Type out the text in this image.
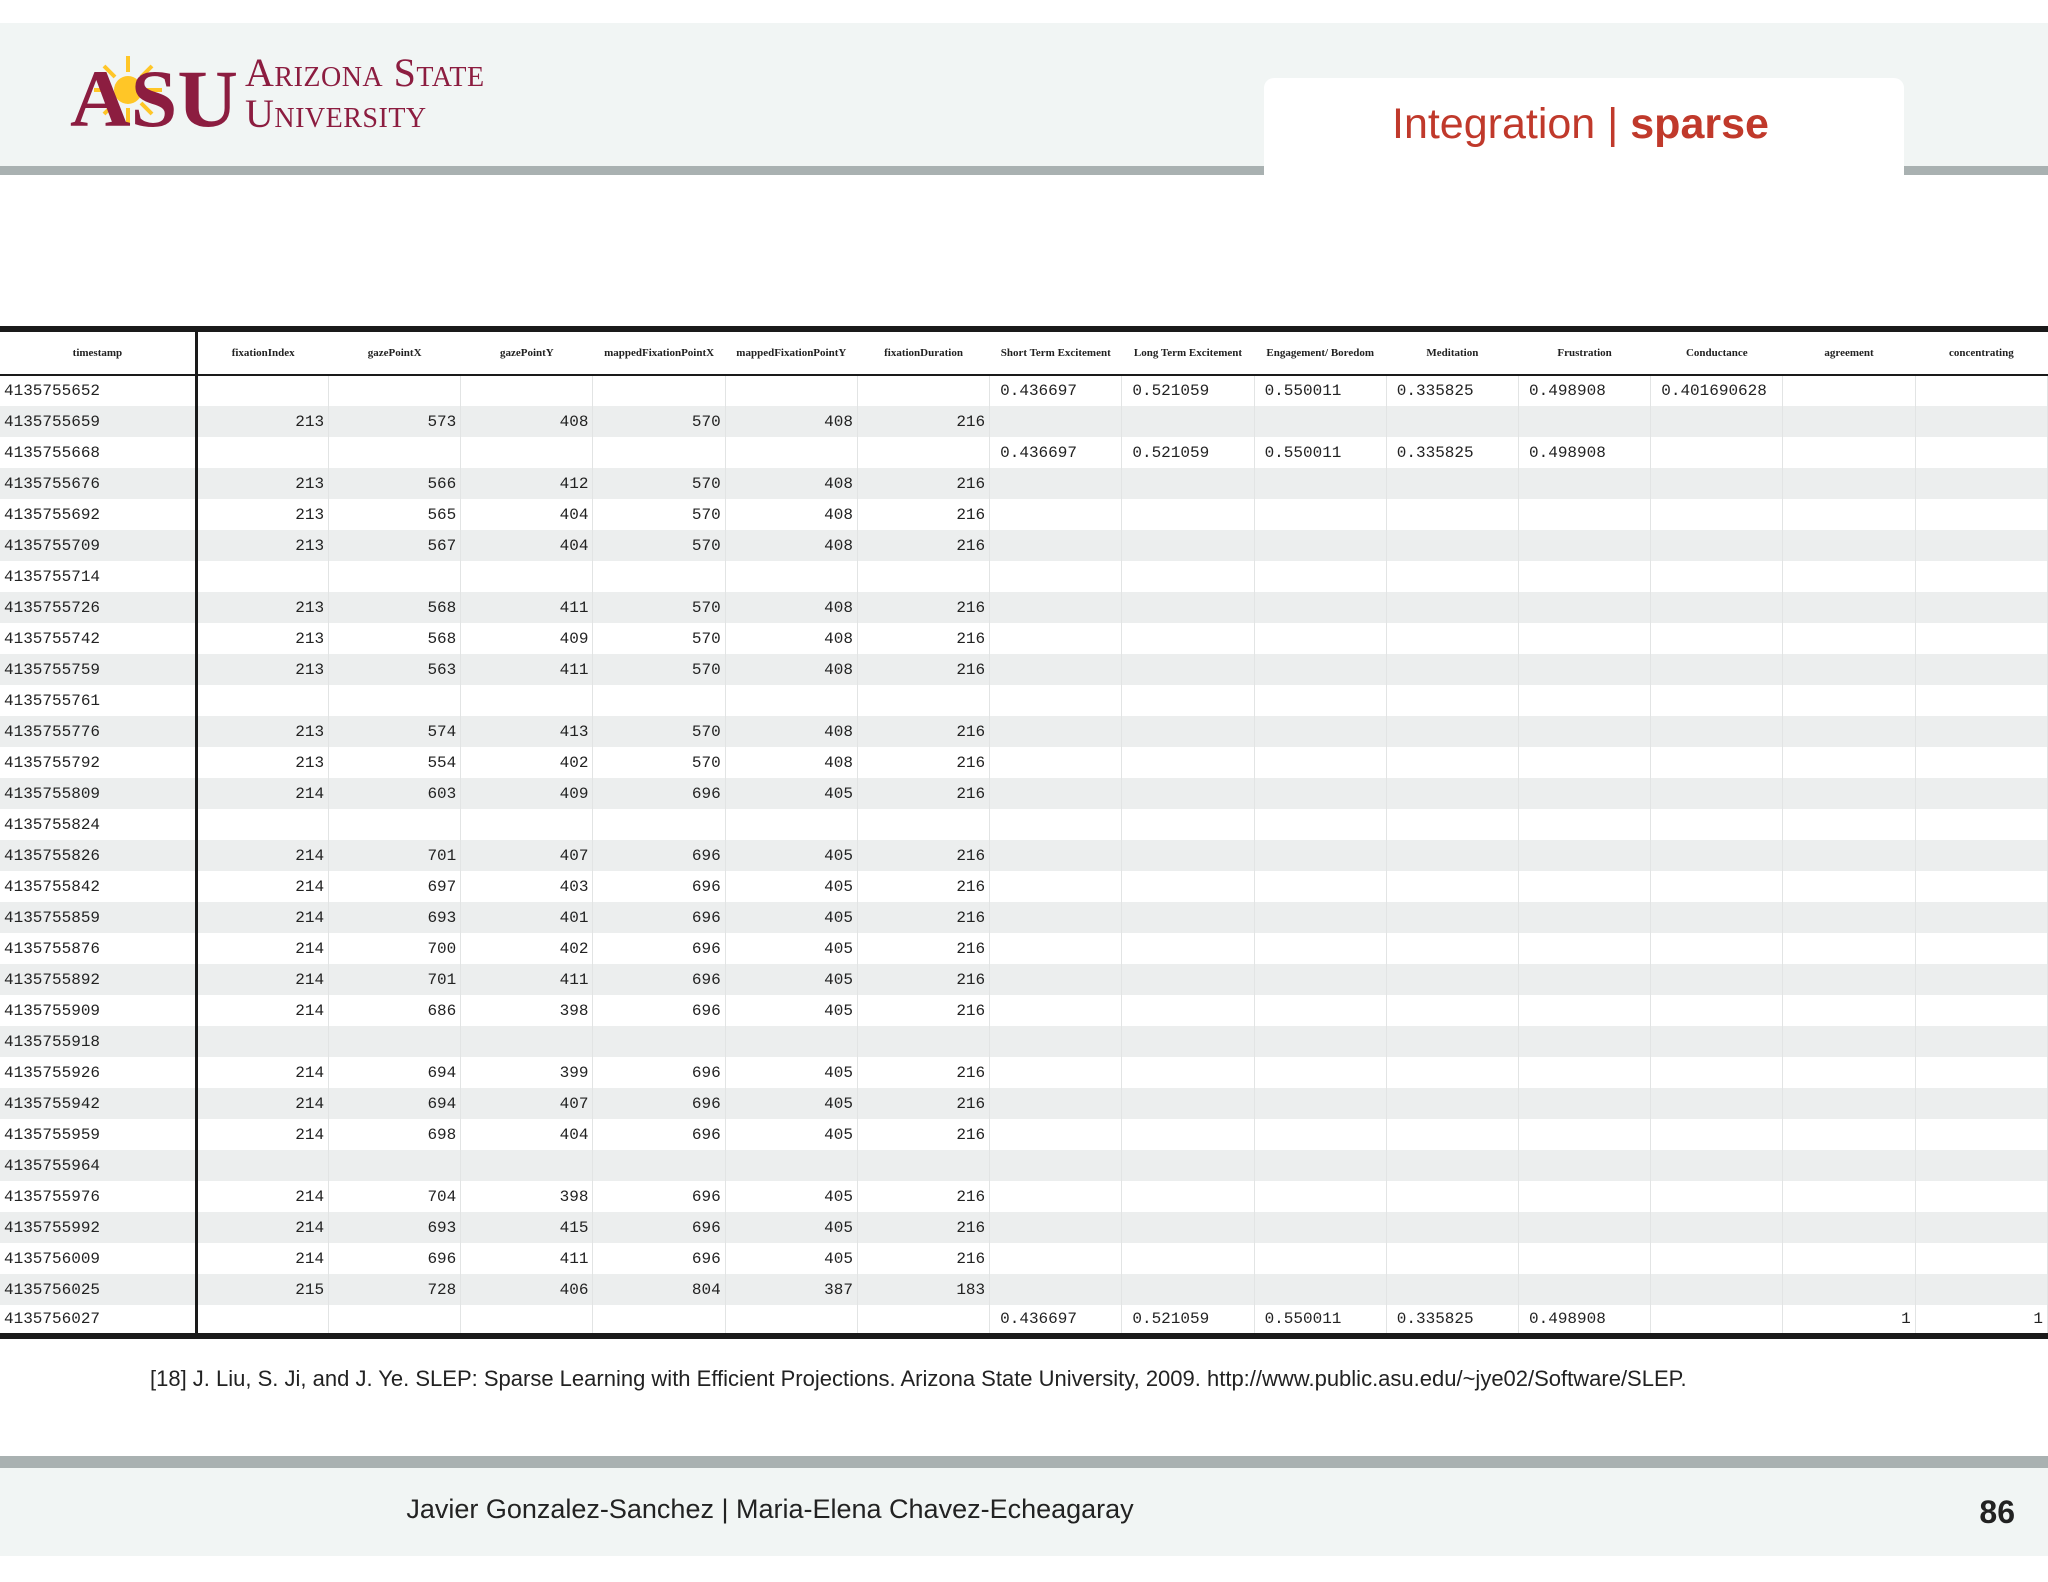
ASU Arizona State
University	Integration | sparse
timestamp	fixationIndex	gazePointX	gazePointY	mappedFixationPointX	mappedFixationPointY	fixationDuration	Short Term Excitement	Long Term Excitement	Engagement/ Boredom	Meditation	Frustration	Conductance	agreement	concentrating
4135755652							0.436697	0.521059	0.550011	0.335825	0.498908	0.401690628		
4135755659	213	573	408	570	408	216								
4135755668							0.436697	0.521059	0.550011	0.335825	0.498908			
4135755676	213	566	412	570	408	216								
4135755692	213	565	404	570	408	216								
4135755709	213	567	404	570	408	216								
4135755714														
4135755726	213	568	411	570	408	216								
4135755742	213	568	409	570	408	216								
4135755759	213	563	411	570	408	216								
4135755761														
4135755776	213	574	413	570	408	216								
4135755792	213	554	402	570	408	216								
4135755809	214	603	409	696	405	216								
4135755824														
4135755826	214	701	407	696	405	216								
4135755842	214	697	403	696	405	216								
4135755859	214	693	401	696	405	216								
4135755876	214	700	402	696	405	216								
4135755892	214	701	411	696	405	216								
4135755909	214	686	398	696	405	216								
4135755918														
4135755926	214	694	399	696	405	216								
4135755942	214	694	407	696	405	216								
4135755959	214	698	404	696	405	216								
4135755964														
4135755976	214	704	398	696	405	216								
4135755992	214	693	415	696	405	216								
4135756009	214	696	411	696	405	216								
4135756025	215	728	406	804	387	183								
4135756027							0.436697	0.521059	0.550011	0.335825	0.498908		1	1
[18] J. Liu, S. Ji, and J. Ye. SLEP: Sparse Learning with Efficient Projections. Arizona State University, 2009. http://www.public.asu.edu/~jye02/Software/SLEP.
Javier Gonzalez-Sanchez | Maria-Elena Chavez-Echeagaray	86
